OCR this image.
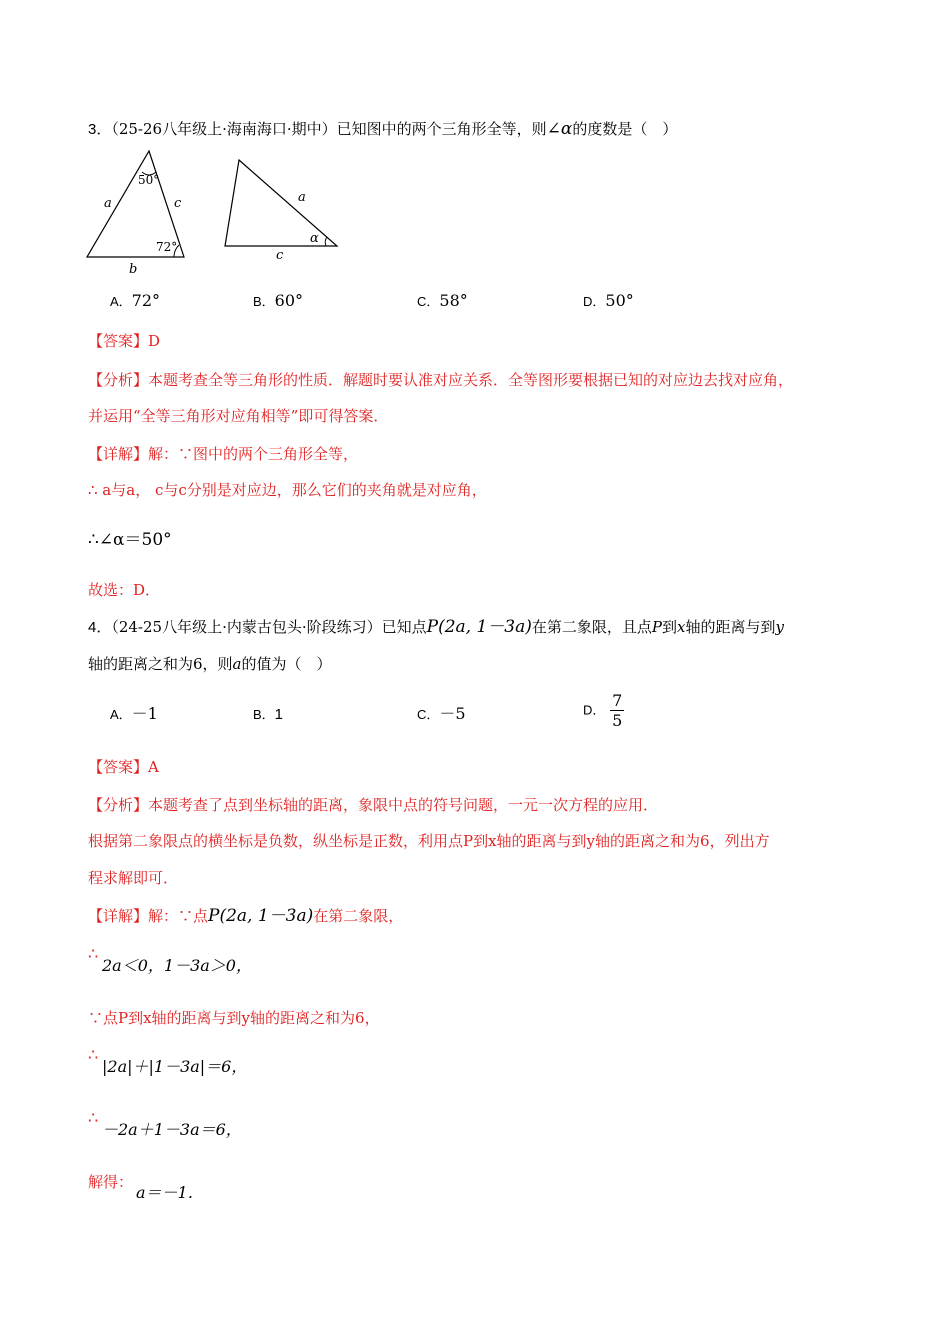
3．（25-26八年级上·海南海口·期中）已知图中的两个三角形全等，则∠α的度数是（　）
50°
72°
a	c
b
a
α
c
A．72°	B．60°	C．58°	D．50°
【答案】D
【分析】本题考查全等三角形的性质．解题时要认准对应关系．全等图形要根据已知的对应边去找对应角，
并运用“全等三角形对应角相等”即可得答案．
【详解】解：∵图中的两个三角形全等，
∴ a与a， c与c分别是对应边，那么它们的夹角就是对应角，
∴∠α＝50°
故选：D．
4．（24-25八年级上·内蒙古包头·阶段练习）已知点P(2a, 1－3a)在第二象限，且点P到x轴的距离与到y
轴的距离之和为6，则a的值为（　）
A．－1	B．1	C．－5	D． $\frac{7}{5}$
【答案】A
【分析】本题考查了点到坐标轴的距离，象限中点的符号问题，一元一次方程的应用．
根据第二象限点的横坐标是负数，纵坐标是正数，利用点P到x轴的距离与到y轴的距离之和为6，列出方
程求解即可．
【详解】解：∵点P(2a, 1－3a)在第二象限，
∴
2a＜0，1－3a＞0，
∵点P到x轴的距离与到y轴的距离之和为6，
∴
|2a|＋|1－3a|＝6，
∴
－2a＋1－3a＝6，
解得：
a＝－1．
